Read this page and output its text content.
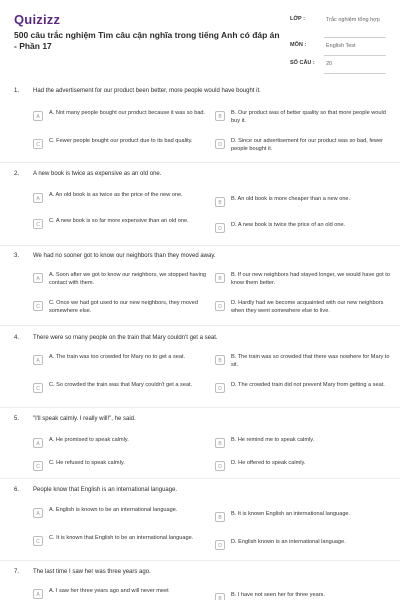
Quizizz
500 câu trắc nghiệm Tìm câu cận nghĩa trong tiếng Anh có đáp án - Phần 17
LỚP :	Trắc nghiệm tổng hợp
MÔN :	English Test
SỐ CÂU : 20
1. Had the advertisement for our product been better, more people would have bought it.
A
A. Not many people bought our product because it was so bad.
B
B. Our product was of better quality so that more people would buy it.
C
C. Fewer people bought our product due to its bad quality.
D
D. Since our advertisement for our product was so bad, fewer people bought it.
2. A new book is twice as expensive as an old one.
A
A. An old book is as twice as the price of the new one.
B
B. An old book is more cheaper than a new one.
C
C. A new book is so far more expensive than an old one.
D
D. A new book is twice the price of an old one.
3. We had no sooner got to know our neighbors than they moved away.
A
A. Soon after we got to know our neighbors, we stopped having contact with them.
B
B. If our new neighbors had stayed longer, we would have got to know them better.
C
C. Once we had got used to our new neighbors, they moved somewhere else.
D
D. Hardly had we become acquainted with our new neighbors when they went somewhere else to live.
4. There were so many people on the train that Mary couldn't get a seat.
A
A. The train was too crowded for Mary no to get a seat.
B
B. The train was so crowded that there was nowhere for Mary to sit.
C
C. So crowded the train was that Mary couldn't get a seat.
D
D. The crowded train did not prevent Mary from getting a seat.
5. "I'll speak calmly. I really will!", he said.
A
A. He promised to speak calmly.
B
B. He remind me to speak calmly.
C
C. He refused to speak calmly.
D
D. He offered to speak calmly.
6. People know that English is an international language.
A
A. English is known to be an international language.
B
B. It is known English an international language.
C
C. It is known that English to be an international language.
D
D. English known is an international language.
7. The last time I saw her was three years ago.
A
A. I saw her three years ago and will never meet
B
B. I have not seen her for three years.
